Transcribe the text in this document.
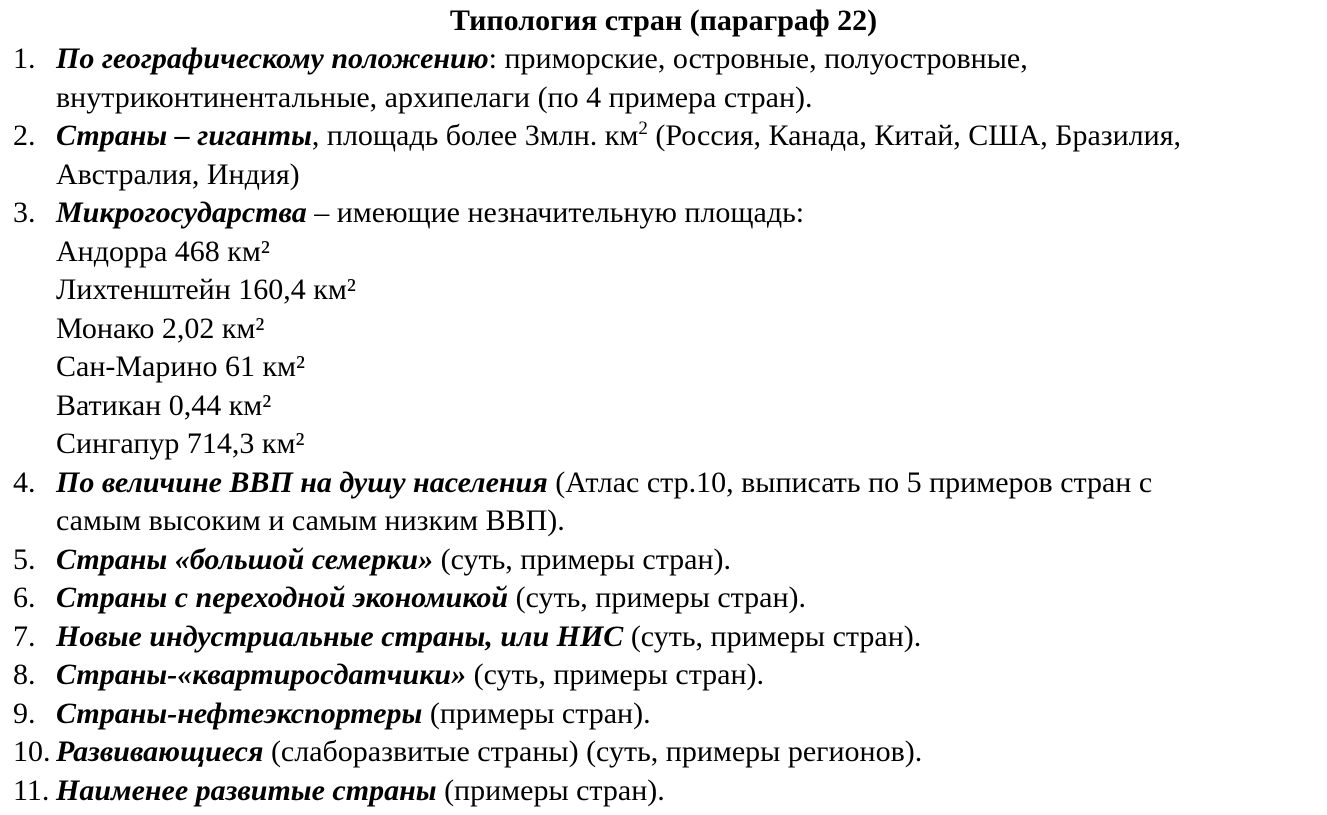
Типология стран (параграф 22)

1. По географическому положению: приморские, островные, полуостровные,
внутриконтинентальные, архипелаги (по 4 примера стран).

2. Страны – гиганты, площадь более 3млн. $км^2$ (Россия, Канада, Китай, США, Бразилия,
Австралия, Индия)

3. Микрогосударства – имеющие незначительную площадь:
Андорра 468 км²
Лихтенштейн 160,4 км²
Монако 2,02 км²
Сан-Марино 61 км²
Ватикан 0,44 км²
Сингапур 714,3 км²

4. По величине ВВП на душу населения (Атлас стр.10, выписать по 5 примеров стран с
самым высоким и самым низким ВВП).

5. Страны «большой семерки» (суть, примеры стран).

6. Страны с переходной экономикой (суть, примеры стран).

7. Новые индустриальные страны, или НИС (суть, примеры стран).

8. Страны-«квартиросдатчики» (суть, примеры стран).

9. Страны-нефтеэкспортеры (примеры стран).

10. Развивающиеся (слаборазвитые страны) (суть, примеры регионов).

11. Наименее развитые страны (примеры стран).
